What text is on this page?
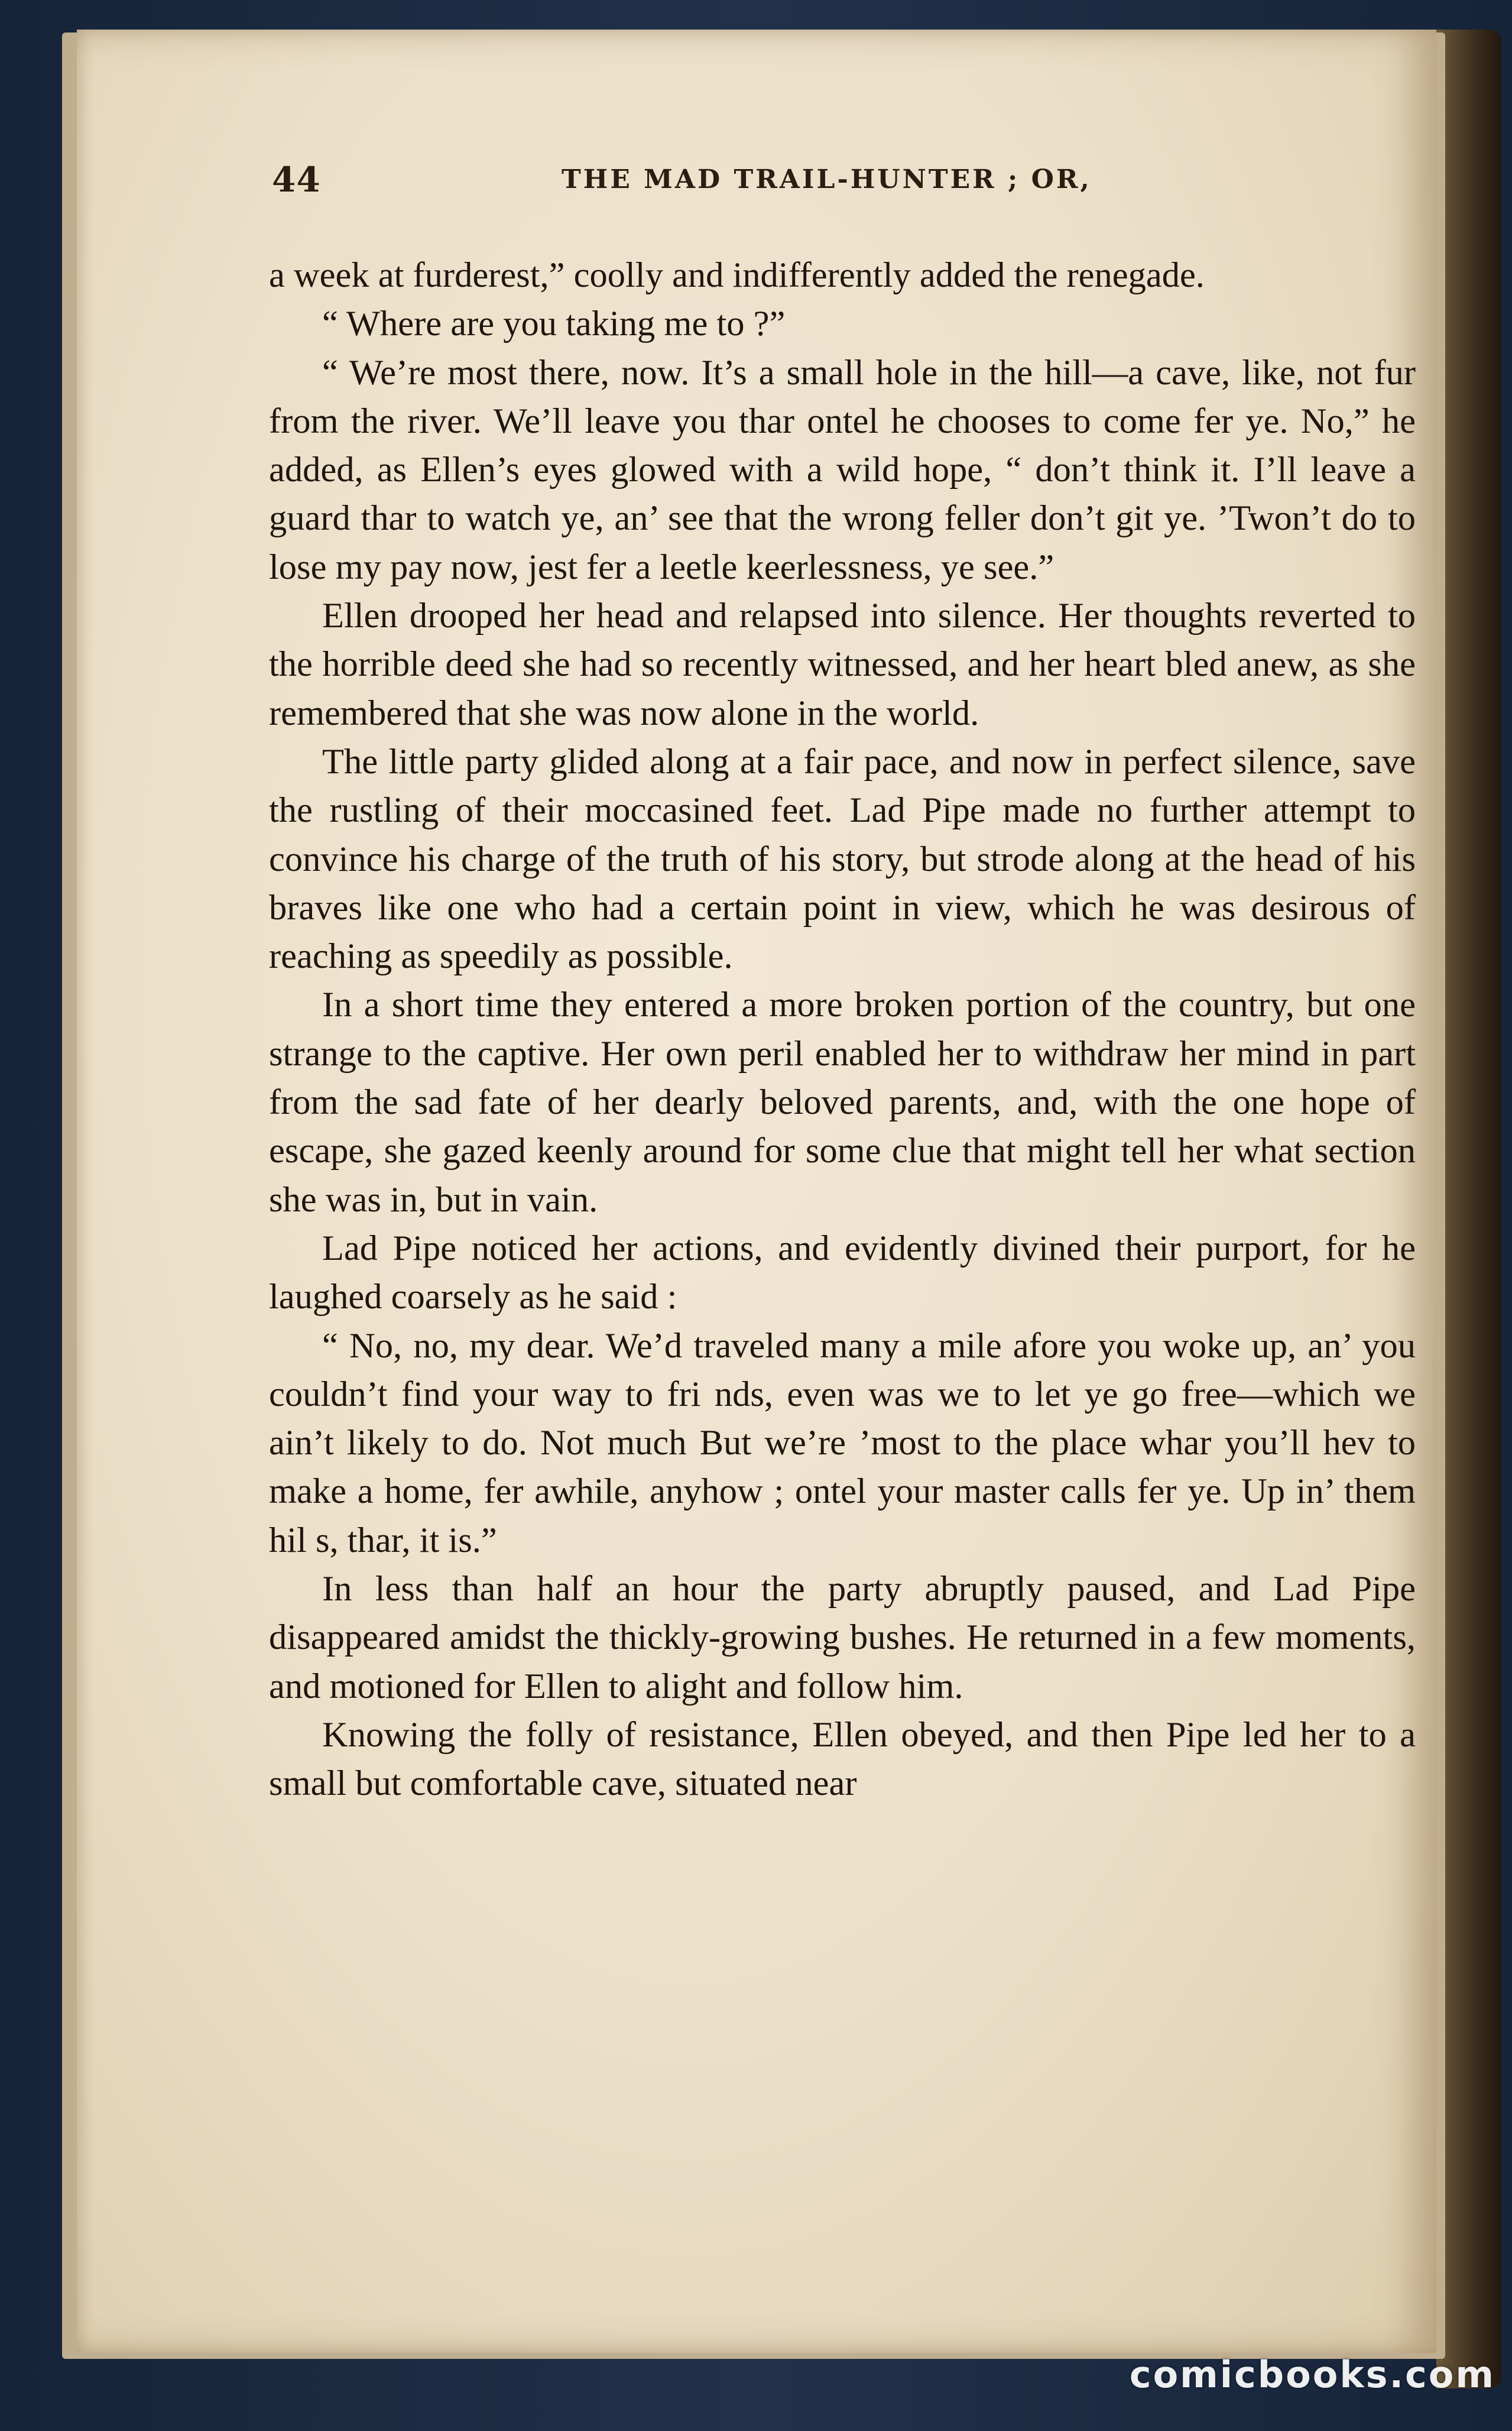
44	THE MAD TRAIL-HUNTER ; OR,

a week at furderest,” coolly and indifferently added the renegade.

“ Where are you taking me to ?”

“ We’re most there, now. It’s a small hole in the hill—a cave, like, not fur from the river. We’ll leave you thar ontel he chooses to come fer ye. No,” he added, as Ellen’s eyes glowed with a wild hope, “ don’t think it. I’ll leave a guard thar to watch ye, an’ see that the wrong feller don’t git ye. ’Twon’t do to lose my pay now, jest fer a leetle keerlessness, ye see.”

Ellen drooped her head and relapsed into silence. Her thoughts reverted to the horrible deed she had so recently witnessed, and her heart bled anew, as she remembered that she was now alone in the world.

The little party glided along at a fair pace, and now in perfect silence, save the rustling of their moccasined feet. Lad Pipe made no further attempt to convince his charge of the truth of his story, but strode along at the head of his braves like one who had a certain point in view, which he was desirous of reaching as speedily as possible.

In a short time they entered a more broken portion of the country, but one strange to the captive. Her own peril enabled her to withdraw her mind in part from the sad fate of her dearly beloved parents, and, with the one hope of escape, she gazed keenly around for some clue that might tell her what section she was in, but in vain.

Lad Pipe noticed her actions, and evidently divined their purport, for he laughed coarsely as he said :

“ No, no, my dear. We’d traveled many a mile afore you woke up, an’ you couldn’t find your way to fri nds, even was we to let ye go free—which we ain’t likely to do. Not much But we’re ’most to the place whar you’ll hev to make a home, fer awhile, anyhow ; ontel your master calls fer ye. Up in’ them hil s, thar, it is.”

In less than half an hour the party abruptly paused, and Lad Pipe disappeared amidst the thickly-growing bushes. He returned in a few moments, and motioned for Ellen to alight and follow him.

Knowing the folly of resistance, Ellen obeyed, and then Pipe led her to a small but comfortable cave, situated near

comicbooks.com
